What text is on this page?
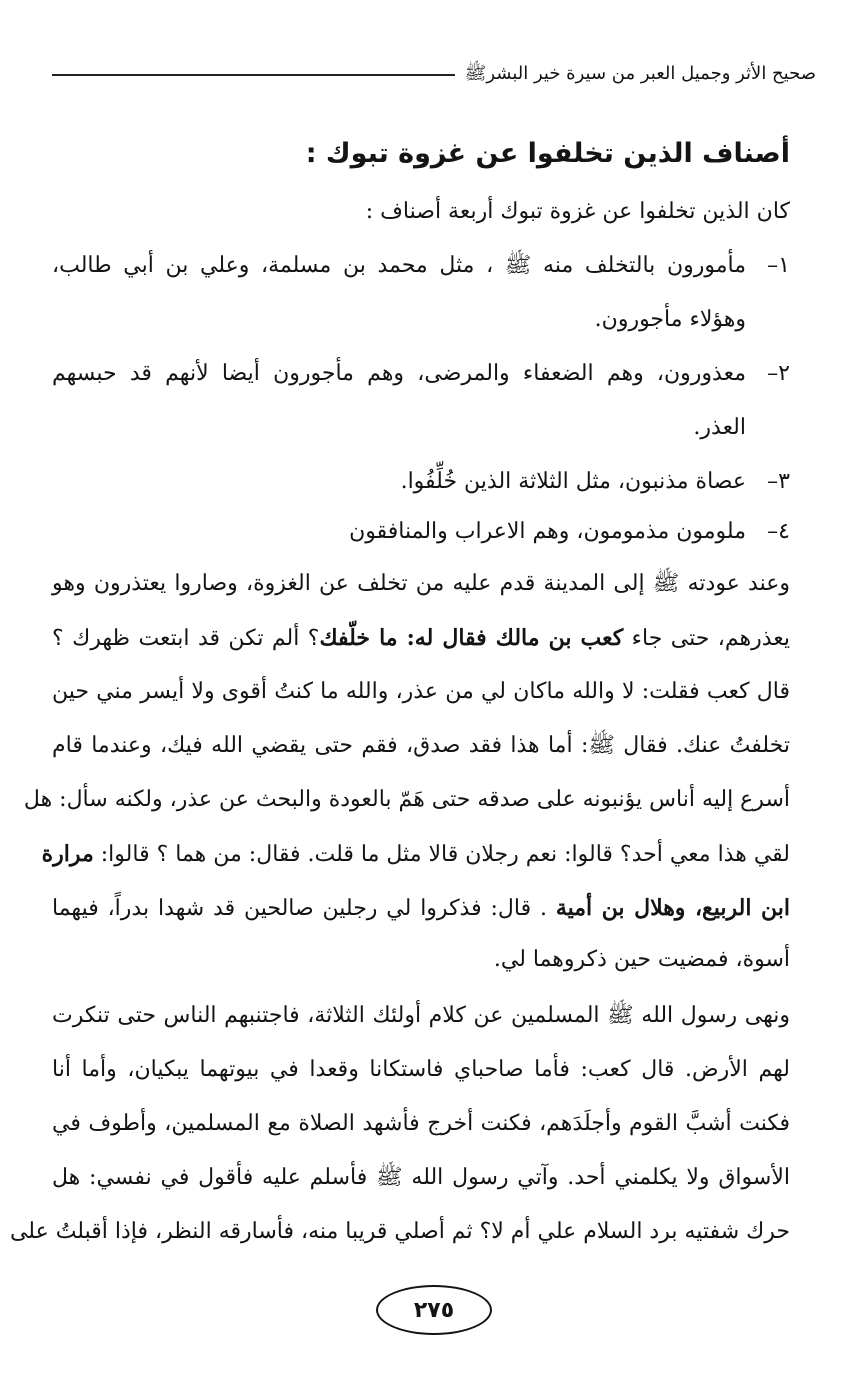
صحيح الأثر وجميل العبر من سيرة خير البشرﷺ
أصناف الذين تخلفوا عن غزوة تبوك :
كان الذين تخلفوا عن غزوة تبوك أربعة أصناف :
١–مأمورون بالتخلف منه ﷺ ، مثل محمد بن مسلمة، وعلي بن أبي طالب،
وهؤلاء مأجورون.
٢–معذورون، وهم الضعفاء والمرضى، وهم مأجورون أيضا لأنهم قد حبسهم
العذر.
٣–عصاة مذنبون، مثل الثلاثة الذين خُلِّفُوا.
٤–ملومون مذمومون، وهم الاعراب والمنافقون
وعند عودته ﷺ إلى المدينة قدم عليه من تخلف عن الغزوة، وصاروا يعتذرون وهو
يعذرهم، حتى جاء كعب بن مالك فقال له: ما خلّفك؟ ألم تكن قد ابتعت ظهرك ؟
قال كعب فقلت: لا والله ماكان لي من عذر، والله ما كنتُ أقوى ولا أيسر مني حين
تخلفتُ عنك. فقال ﷺ: أما هذا فقد صدق، فقم حتى يقضي الله فيك، وعندما قام
أسرع إليه أناس يؤنبونه على صدقه حتى هَمّ بالعودة والبحث عن عذر، ولكنه سأل: هل
لقي هذا معي أحد؟ قالوا: نعم رجلان قالا مثل ما قلت. فقال: من هما ؟ قالوا: مرارة
ابن الربيع، وهلال بن أمية . قال: فذكروا لي رجلين صالحين قد شهدا بدراً، فيهما
أسوة، فمضيت حين ذكروهما لي.
ونهى رسول الله ﷺ المسلمين عن كلام أولئك الثلاثة، فاجتنبهم الناس حتى تنكرت
لهم الأرض. قال كعب: فأما صاحباي فاستكانا وقعدا في بيوتهما يبكيان، وأما أنا
فكنت أشبَّ القوم وأجلَدَهم، فكنت أخرج فأشهد الصلاة مع المسلمين، وأطوف في
الأسواق ولا يكلمني أحد. وآتي رسول الله ﷺ فأسلم عليه فأقول في نفسي: هل
حرك شفتيه برد السلام علي أم لا؟ ثم أصلي قريبا منه، فأسارقه النظر، فإذا أقبلتُ على
٢٧٥
